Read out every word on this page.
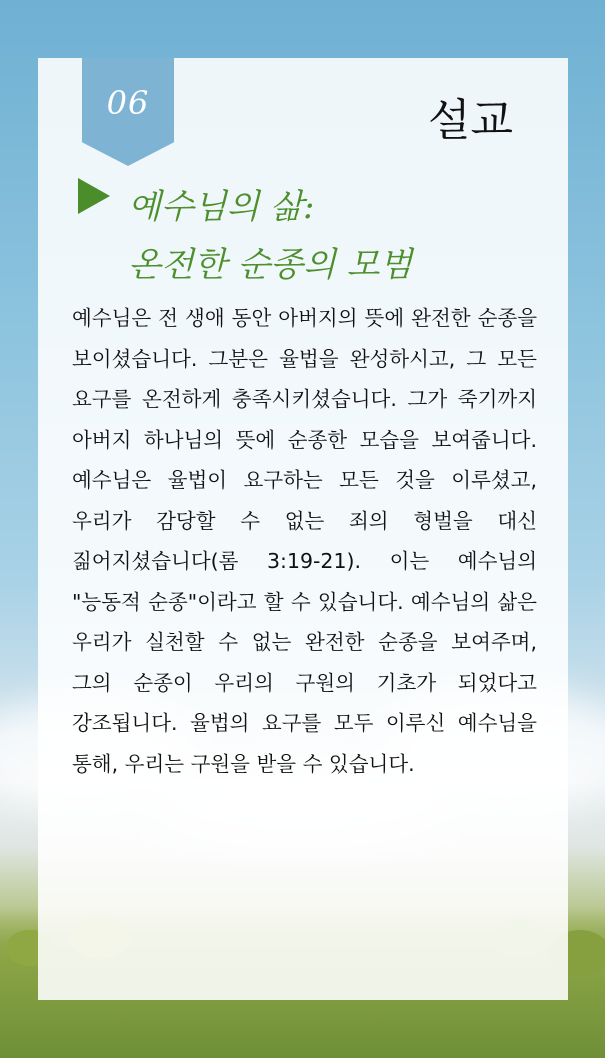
06	설교
예수님의 삶:
온전한 순종의 모범
예수님은 전 생애 동안 아버지의 뜻에 완전한 순종을 보이셨습니다. 그분은 율법을 완성하시고, 그 모든 요구를 온전하게 충족시키셨습니다. 그가 죽기까지 아버지 하나님의 뜻에 순종한 모습을 보여줍니다. 예수님은 율법이 요구하는 모든 것을 이루셨고, 우리가 감당할 수 없는 죄의 형벌을 대신 짊어지셨습니다(롬 3:19-21). 이는 예수님의 "능동적 순종"이라고 할 수 있습니다. 예수님의 삶은 우리가 실천할 수 없는 완전한 순종을 보여주며, 그의 순종이 우리의 구원의 기초가 되었다고 강조됩니다. 율법의 요구를 모두 이루신 예수님을 통해, 우리는 구원을 받을 수 있습니다.
